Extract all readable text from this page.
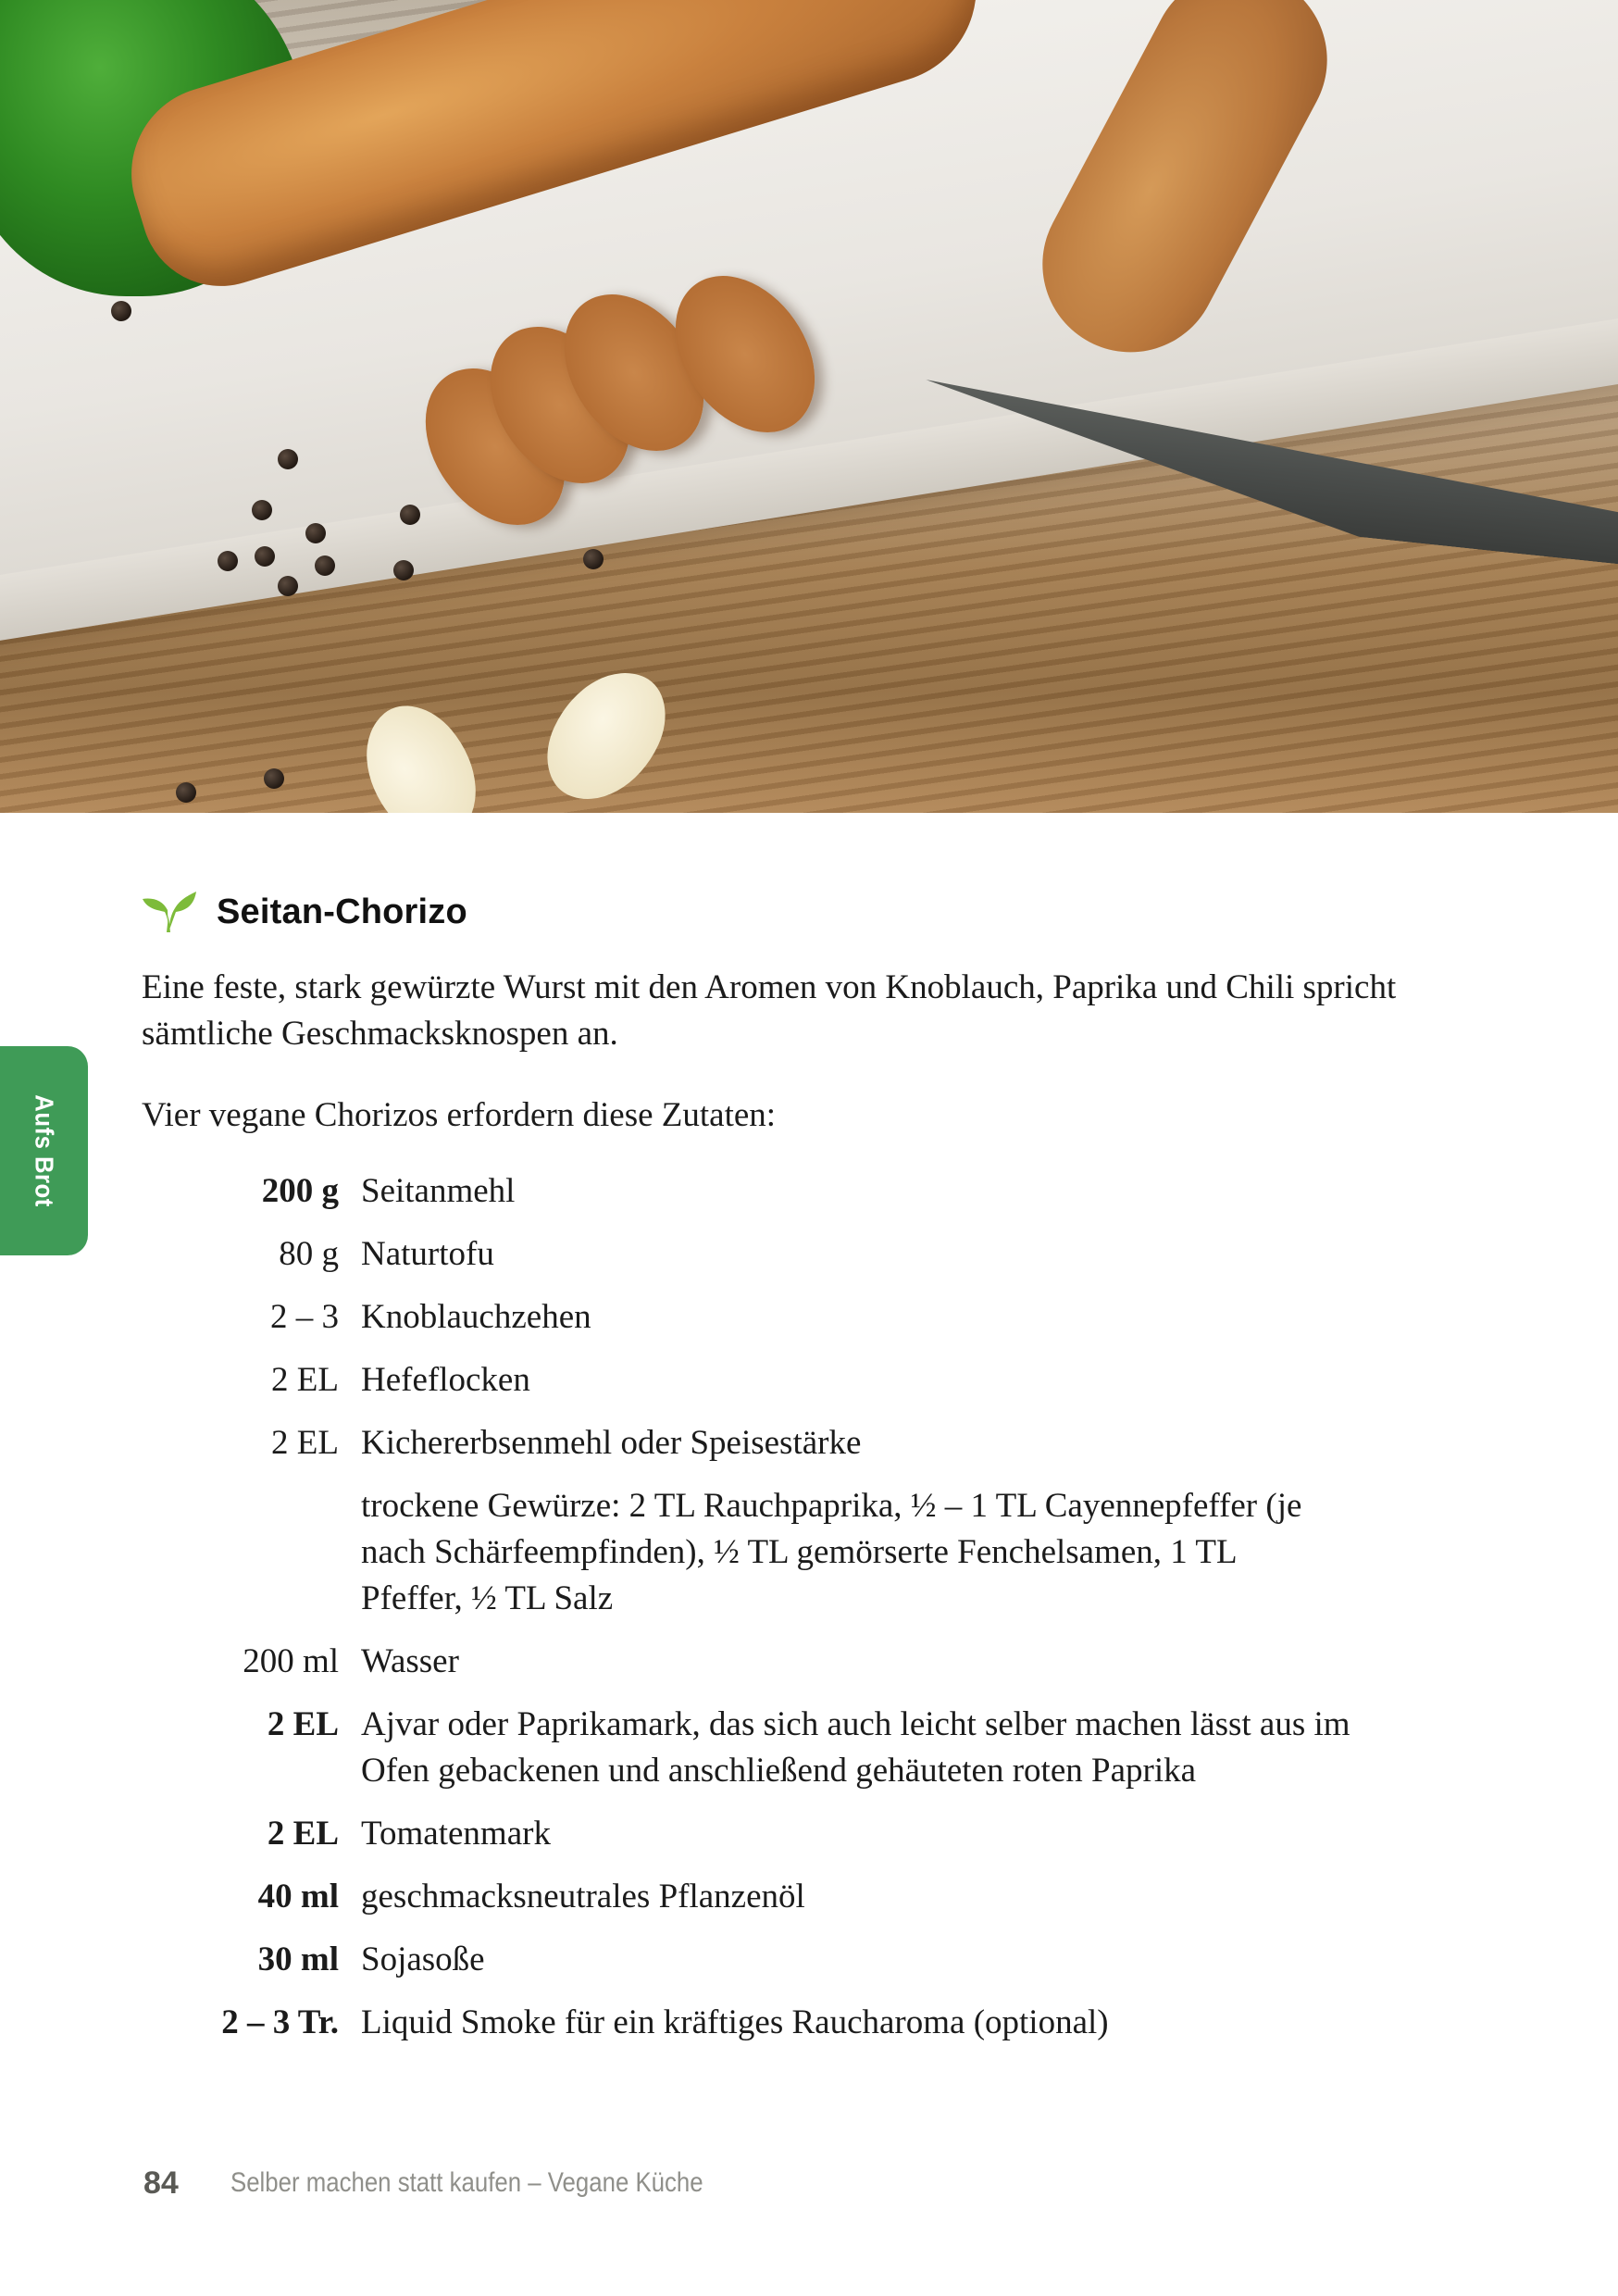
Aufs Brot
Seitan-Chorizo

Eine feste, stark gewürzte Wurst mit den Aromen von Knoblauch, Paprika und Chili spricht sämtliche Geschmacksknospen an.

Vier vegane Chorizos erfordern diese Zutaten:

200 g Seitanmehl
80 g Naturtofu
2 – 3 Knoblauchzehen
2 EL Hefeflocken
2 EL Kichererbsenmehl oder Speisestärke
trockene Gewürze: 2 TL Rauchpaprika, ½ – 1 TL Cayennepfeffer (je nach Schärfeempfinden), ½ TL gemörserte Fenchelsamen, 1 TL Pfeffer, ½ TL Salz
200 ml Wasser
2 EL Ajvar oder Paprikamark, das sich auch leicht selber machen lässt aus im Ofen gebackenen und anschließend gehäuteten roten Paprika
2 EL Tomatenmark
40 ml geschmacksneutrales Pflanzenöl
30 ml Sojasoße
2 – 3 Tr. Liquid Smoke für ein kräftiges Raucharoma (optional)
84	Selber machen statt kaufen – Vegane Küche
